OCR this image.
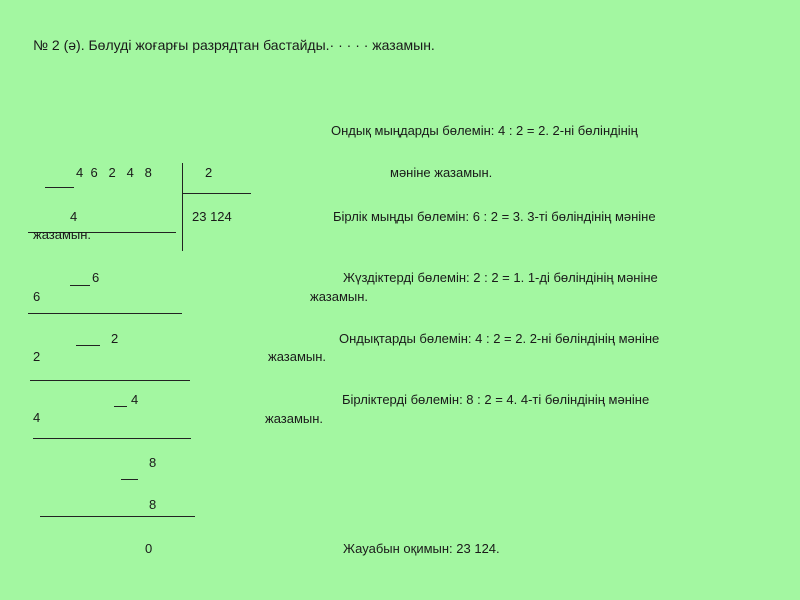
№ 2 (ә). Бөлуді жоғарғы разрядтан бастайды.· · · · · жазамын.
4  6   2   4   8	2
23 124
4
6
6
2
2
4
4
8
8
0
Ондық мыңдарды бөлемін: 4 : 2 = 2. 2-ні бөліндінің
мәніне жазамын.
Бірлік мыңды бөлемін: 6 : 2 = 3. 3-ті бөліндінің мәніне
жазамын.
Жүздіктерді бөлемін: 2 : 2 = 1. 1-ді бөліндінің мәніне
жазамын.
Ондықтарды бөлемін: 4 : 2 = 2. 2-ні бөліндінің мәніне
жазамын.
Бірліктерді бөлемін: 8 : 2 = 4. 4-ті бөліндінің мәніне
жазамын.
Жауабын оқимын: 23 124.
